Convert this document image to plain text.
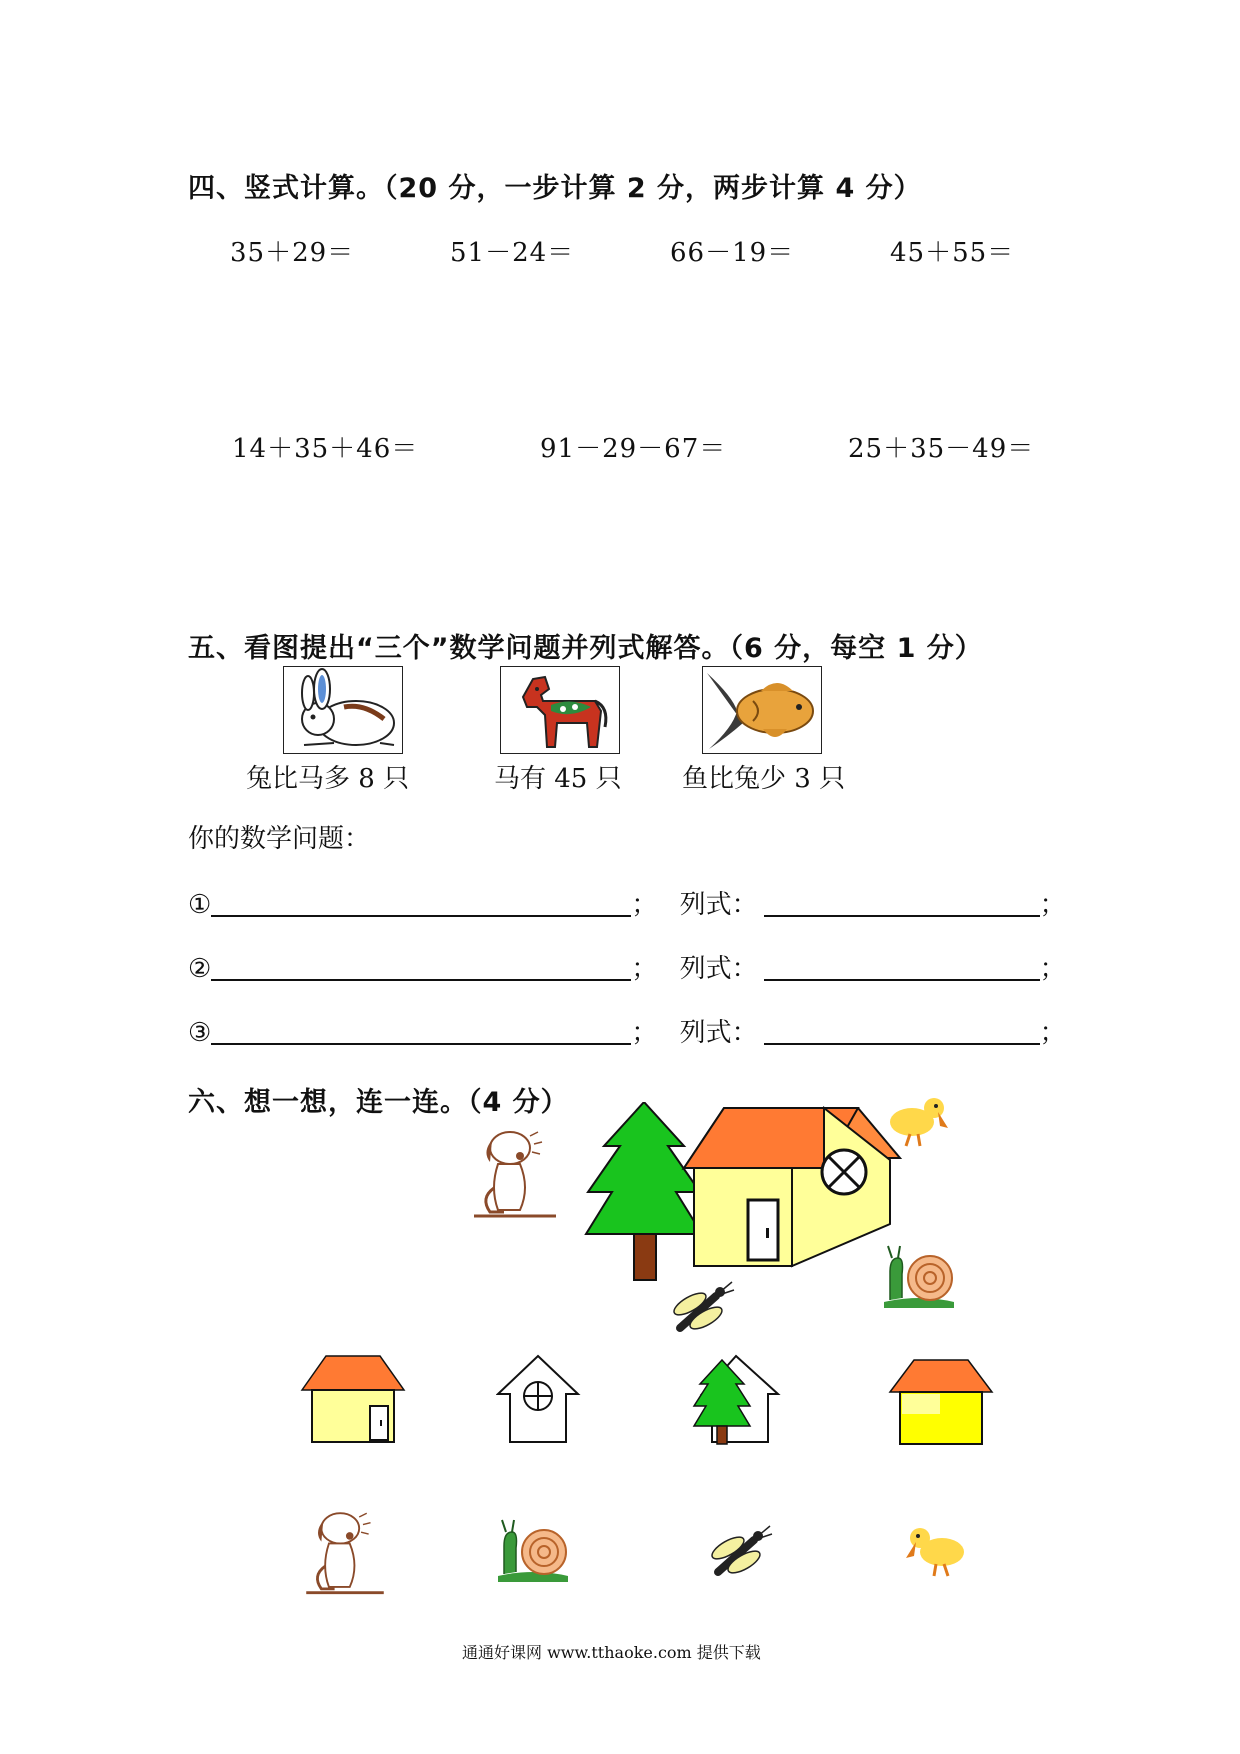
四、竖式计算。（20 分，一步计算 2 分，两步计算 4 分）
35＋29＝	51－24＝	66－19＝	45＋55＝
14＋35＋46＝	91－29－67＝	25＋35－49＝
五、看图提出“三个”数学问题并列式解答。（6 分，每空 1 分）
兔比马多 8 只	马有 45 只 鱼比兔少 3 只
你的数学问题：
①	； 列式：	；
②	； 列式：	；
③	； 列式：	；
六、想一想，连一连。（4 分）
通通好课网 www.tthaoke.com 提供下载
